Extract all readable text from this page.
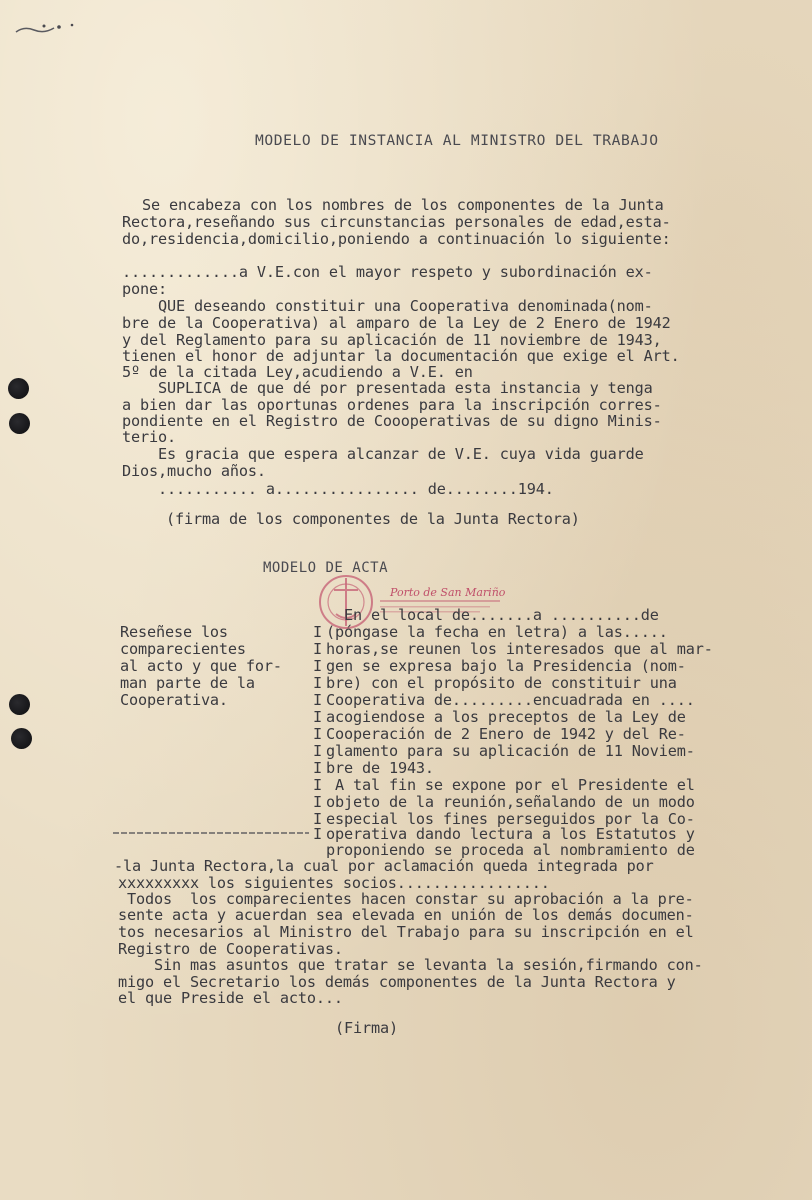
MODELO DE INSTANCIA AL MINISTRO DEL TRABAJO
Se encabeza con los nombres de los componentes de la Junta
Rectora,reseñando sus circunstancias personales de edad,esta-
do,residencia,domicilio,poniendo a continuación lo siguiente:
.............a V.E.con el mayor respeto y subordinación ex-
pone:
QUE deseando constituir una Cooperativa denominada(nom-
bre de la Cooperativa) al amparo de la Ley de 2 Enero de 1942
y del Reglamento para su aplicación de 11 noviembre de 1943,
tienen el honor de adjuntar la documentación que exige el Art.
5º de la citada Ley,acudiendo a V.E. en
SUPLICA de que dé por presentada esta instancia y tenga
a bien dar las oportunas ordenes para la inscripción corres-
pondiente en el Registro de Coooperativas de su digno Minis-
terio.
Es gracia que espera alcanzar de V.E. cuya vida guarde
Dios,mucho años.
........... a................ de........194.
(firma de los componentes de la Junta Rectora)
MODELO DE ACTA
Porto de San Mariño
Reseñese los
comparecientes
al acto y que for-
man parte de la
Cooperativa.
I
I
I
I
I
I
I
I
I
I
I
I
I
En el local de.......a ..........de
(póngase la fecha en letra) a las.....
horas,se reunen los interesados que al mar-
gen se expresa bajo la Presidencia (nom-
bre) con el propósito de constituir una
Cooperativa de.........encuadrada en ....
acogiendose a los preceptos de la Ley de
Cooperación de 2 Enero de 1942 y del Re-
glamento para su aplicación de 11 Noviem-
bre de 1943.
A tal fin se expone por el Presidente el
objeto de la reunión,señalando de un modo
especial los fines perseguidos por la Co-
operativa dando lectura a los Estatutos y
proponiendo se proceda al nombramiento de
-la Junta Rectora,la cual por aclamación queda integrada por
xxxxxxxxx los siguientes socios.................
Todos  los comparecientes hacen constar su aprobación a la pre-
sente acta y acuerdan sea elevada en unión de los demás documen-
tos necesarios al Ministro del Trabajo para su inscripción en el
Registro de Cooperativas.
Sin mas asuntos que tratar se levanta la sesión,firmando con-
migo el Secretario los demás componentes de la Junta Rectora y
el que Preside el acto...
(Firma)
